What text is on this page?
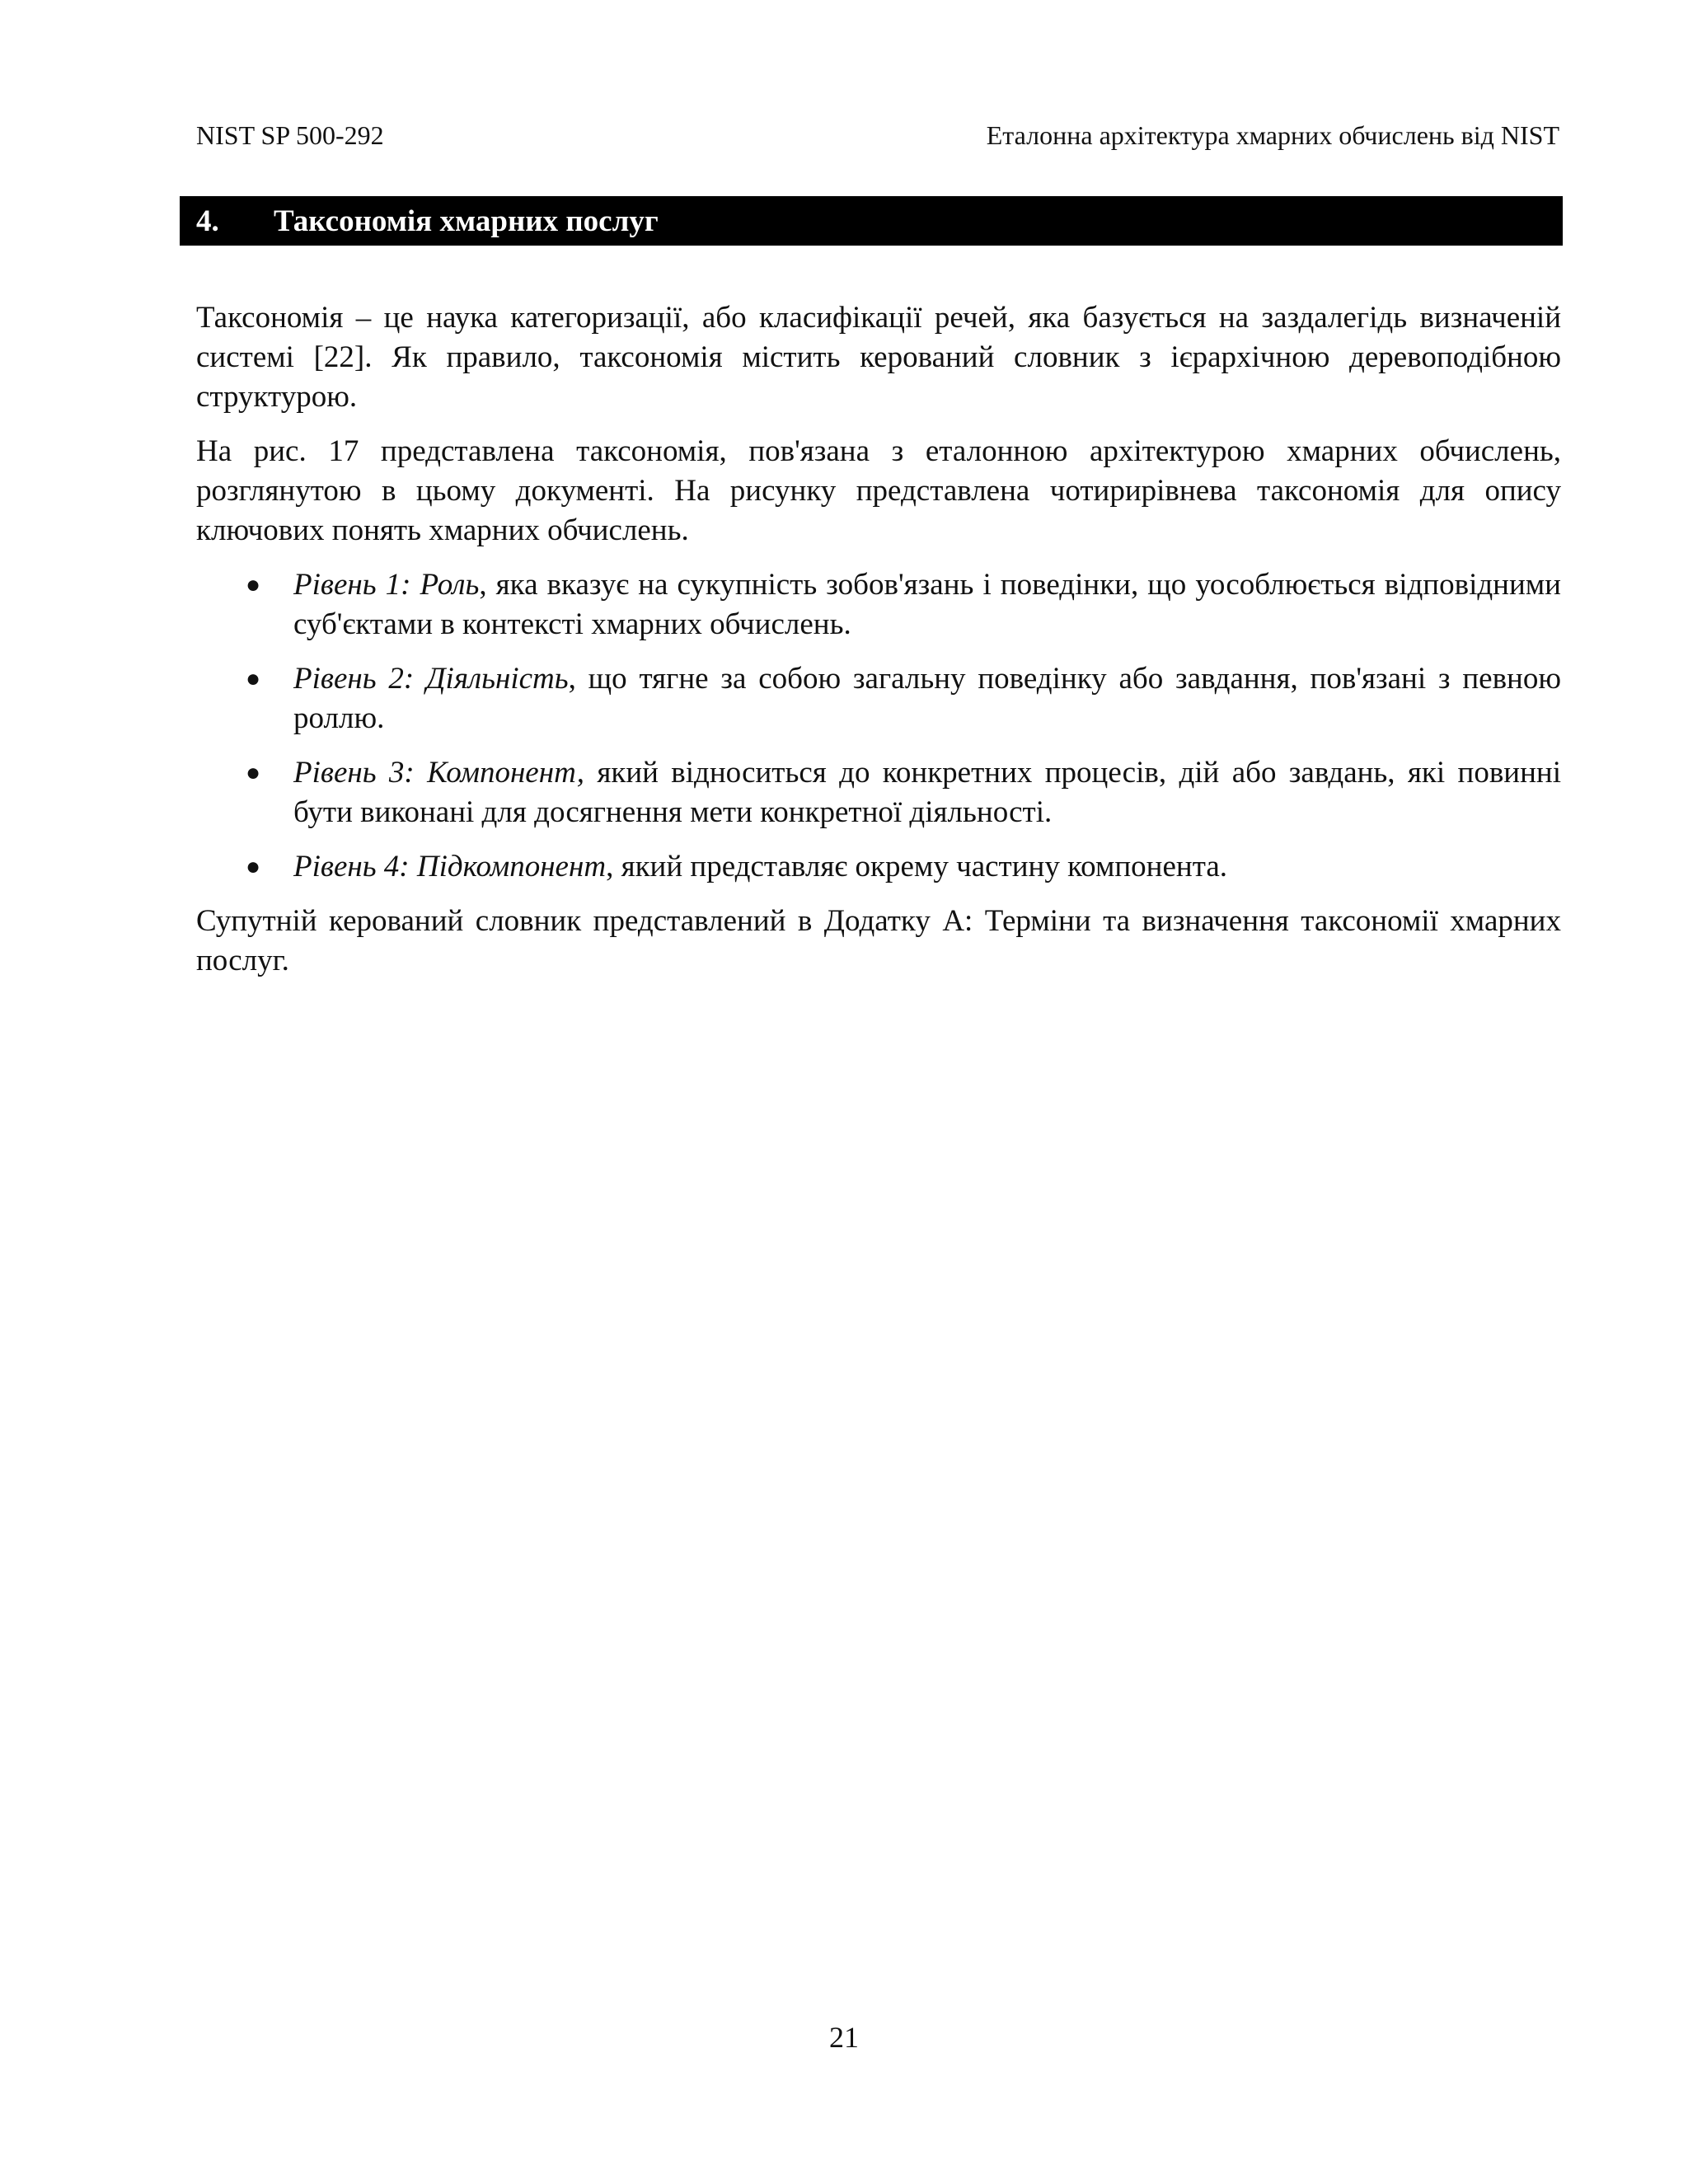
NIST SP 500-292	Еталонна архітектура хмарних обчислень від NIST
4.	Таксономія хмарних послуг

Таксономія – це наука категоризації, або класифікації речей, яка базується на заздалегідь визначеній системі [22]. Як правило, таксономія містить керований словник з ієрархічною деревоподібною структурою.

На рис. 17 представлена таксономія, пов'язана з еталонною архітектурою хмарних обчислень, розглянутою в цьому документі. На рисунку представлена чотирирівнева таксономія для опису ключових понять хмарних обчислень.

●	Рівень 1: Роль, яка вказує на сукупність зобов'язань і поведінки, що уособлюється відповідними суб'єктами в контексті хмарних обчислень.
●	Рівень 2: Діяльність, що тягне за собою загальну поведінку або завдання, пов'язані з певною роллю.
●	Рівень 3: Компонент, який відноситься до конкретних процесів, дій або завдань, які повинні бути виконані для досягнення мети конкретної діяльності.
●	Рівень 4: Підкомпонент, який представляє окрему частину компонента.

Супутній керований словник представлений в Додатку А: Терміни та визначення таксономії хмарних послуг.

21
